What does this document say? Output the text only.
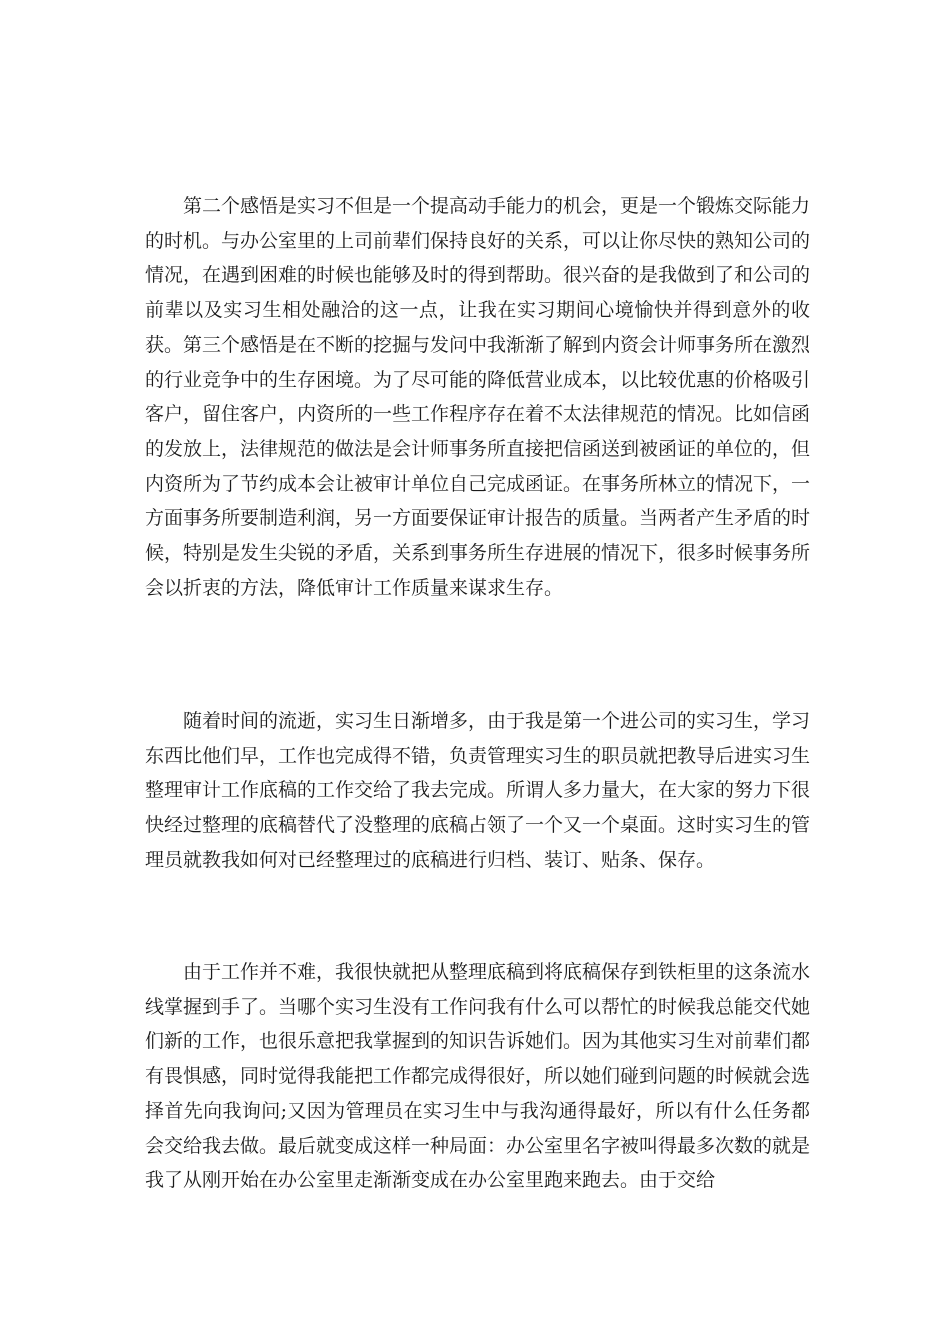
第二个感悟是实习不但是一个提高动手能力的机会，更是一个锻炼交际能力的时机。与办公室里的上司前辈们保持良好的关系，可以让你尽快的熟知公司的情况，在遇到困难的时候也能够及时的得到帮助。很兴奋的是我做到了和公司的前辈以及实习生相处融洽的这一点，让我在实习期间心境愉快并得到意外的收获。第三个感悟是在不断的挖掘与发问中我渐渐了解到内资会计师事务所在激烈的行业竞争中的生存困境。为了尽可能的降低营业成本，以比较优惠的价格吸引客户，留住客户，内资所的一些工作程序存在着不太法律规范的情况。比如信函的发放上，法律规范的做法是会计师事务所直接把信函送到被函证的单位的，但内资所为了节约成本会让被审计单位自己完成函证。在事务所林立的情况下，一方面事务所要制造利润，另一方面要保证审计报告的质量。当两者产生矛盾的时候，特别是发生尖锐的矛盾，关系到事务所生存进展的情况下，很多时候事务所会以折衷的方法，降低审计工作质量来谋求生存。

随着时间的流逝，实习生日渐增多，由于我是第一个进公司的实习生，学习东西比他们早，工作也完成得不错，负责管理实习生的职员就把教导后进实习生整理审计工作底稿的工作交给了我去完成。所谓人多力量大，在大家的努力下很快经过整理的底稿替代了没整理的底稿占领了一个又一个桌面。这时实习生的管理员就教我如何对已经整理过的底稿进行归档、装订、贴条、保存。

由于工作并不难，我很快就把从整理底稿到将底稿保存到铁柜里的这条流水线掌握到手了。当哪个实习生没有工作问我有什么可以帮忙的时候我总能交代她们新的工作，也很乐意把我掌握到的知识告诉她们。因为其他实习生对前辈们都有畏惧感，同时觉得我能把工作都完成得很好，所以她们碰到问题的时候就会选择首先向我询问;又因为管理员在实习生中与我沟通得最好，所以有什么任务都会交给我去做。最后就变成这样一种局面：办公室里名字被叫得最多次数的就是我了从刚开始在办公室里走渐渐变成在办公室里跑来跑去。由于交给
